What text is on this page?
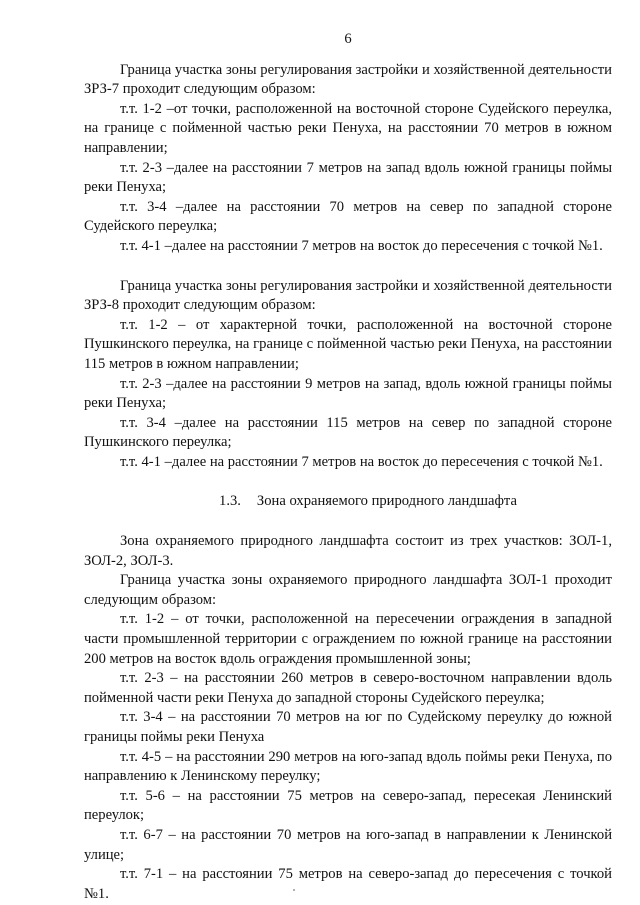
6

Граница участка зоны регулирования застройки и хозяйственной деятельности ЗРЗ-7 проходит следующим образом:

т.т. 1-2 –от точки, расположенной на восточной стороне Судейского переулка, на границе с пойменной частью реки Пенуха, на расстоянии 70 метров в южном направлении;

т.т. 2-3 –далее на расстоянии 7 метров на запад вдоль южной границы поймы реки Пенуха;

т.т. 3-4 –далее на расстоянии 70 метров на север по западной стороне Судейского переулка;

т.т. 4-1 –далее на расстоянии 7 метров на восток до пересечения с точкой №1.

Граница участка зоны регулирования застройки и хозяйственной деятельности ЗРЗ-8 проходит следующим образом:

т.т. 1-2 – от характерной точки, расположенной на восточной стороне Пушкинского переулка, на границе с пойменной частью реки Пенуха, на расстоянии 115 метров в южном направлении;

т.т. 2-3 –далее на расстоянии 9 метров на запад, вдоль южной границы поймы реки Пенуха;

т.т. 3-4 –далее на расстоянии 115 метров на север по западной стороне Пушкинского переулка;

т.т. 4-1 –далее на расстоянии 7 метров на восток до пересечения с точкой №1.

1.3. Зона охраняемого природного ландшафта

Зона охраняемого природного ландшафта состоит из трех участков: ЗОЛ-1, ЗОЛ-2, ЗОЛ-3.

Граница участка зоны охраняемого природного ландшафта ЗОЛ-1 проходит следующим образом:

т.т. 1-2 – от точки, расположенной на пересечении ограждения в западной части промышленной территории с ограждением по южной границе на расстоянии 200 метров на восток вдоль ограждения промышленной зоны;

т.т. 2-3 – на расстоянии 260 метров в северо-восточном направлении вдоль пойменной части реки Пенуха до западной стороны Судейского переулка;

т.т. 3-4 – на расстоянии 70 метров на юг по Судейскому переулку до южной границы поймы реки Пенуха

т.т. 4-5 – на расстоянии 290 метров на юго-запад вдоль поймы реки Пенуха, по направлению к Ленинскому переулку;

т.т. 5-6 – на расстоянии 75 метров на северо-запад, пересекая Ленинский переулок;

т.т. 6-7 – на расстоянии 70 метров на юго-запад в направлении к Ленинской улице;

т.т. 7-1 – на расстоянии 75 метров на северо-запад до пересечения с точкой №1.
